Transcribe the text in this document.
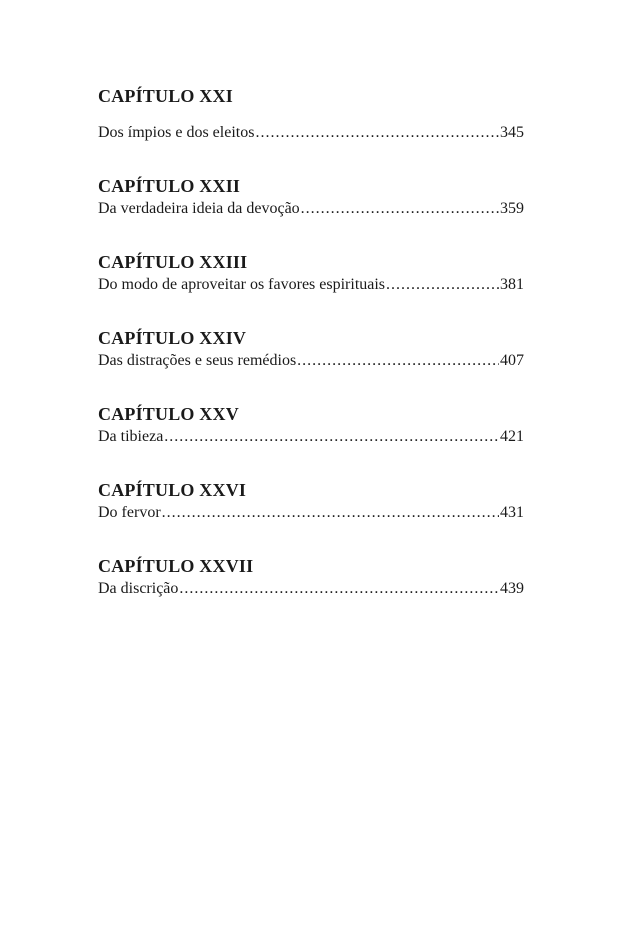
CAPÍTULO XXI
Dos ímpios e dos eleitos .....	345
CAPÍTULO XXII
Da verdadeira ideia da devoção .....	359
CAPÍTULO XXIII
Do modo de aproveitar os favores espirituais .....	381
CAPÍTULO XXIV
Das distrações e seus remédios .....	407
CAPÍTULO XXV
Da tibieza .....	421
CAPÍTULO XXVI
Do fervor .....	431
CAPÍTULO XXVII
Da discrição .....	439
